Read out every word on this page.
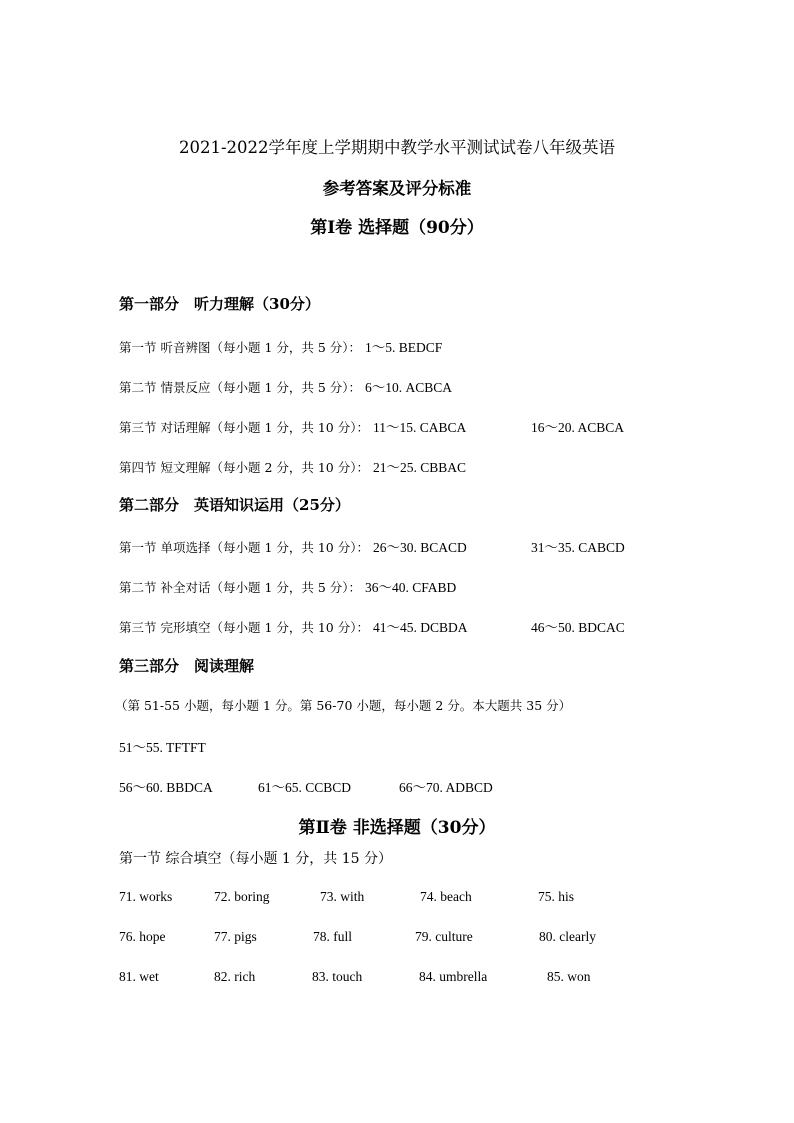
2021-2022学年度上学期期中教学水平测试试卷八年级英语
参考答案及评分标准
第Ⅰ卷 选择题（90分）
第一部分　听力理解（30分）
第一节 听音辨图（每小题 1 分，共 5 分）： 1～5. BEDCF
第二节 情景反应（每小题 1 分，共 5 分）： 6～10. ACBCA
第三节 对话理解（每小题 1 分，共 10 分）： 11～15. CABCA	16～20. ACBCA
第四节 短文理解（每小题 2 分，共 10 分）： 21～25. CBBAC
第二部分　英语知识运用（25分）
第一节 单项选择（每小题 1 分，共 10 分）： 26～30. BCACD	31～35. CABCD
第二节 补全对话（每小题 1 分，共 5 分）： 36～40. CFABD
第三节 完形填空（每小题 1 分，共 10 分）： 41～45. DCBDA	46～50. BDCAC
第三部分　阅读理解
（第 51-55 小题，每小题 1 分。第 56-70 小题，每小题 2 分。本大题共 35 分）
51～55. TFTFT
56～60. BBDCA	61～65. CCBCD	66～70. ADBCD
第Ⅱ卷 非选择题（30分）
第一节 综合填空（每小题 1 分，共 15 分）
71. works	72. boring	73. with	74. beach	75. his
76. hope	77. pigs	78. full	79. culture	80. clearly
81. wet	82. rich	83. touch	84. umbrella	85. won
